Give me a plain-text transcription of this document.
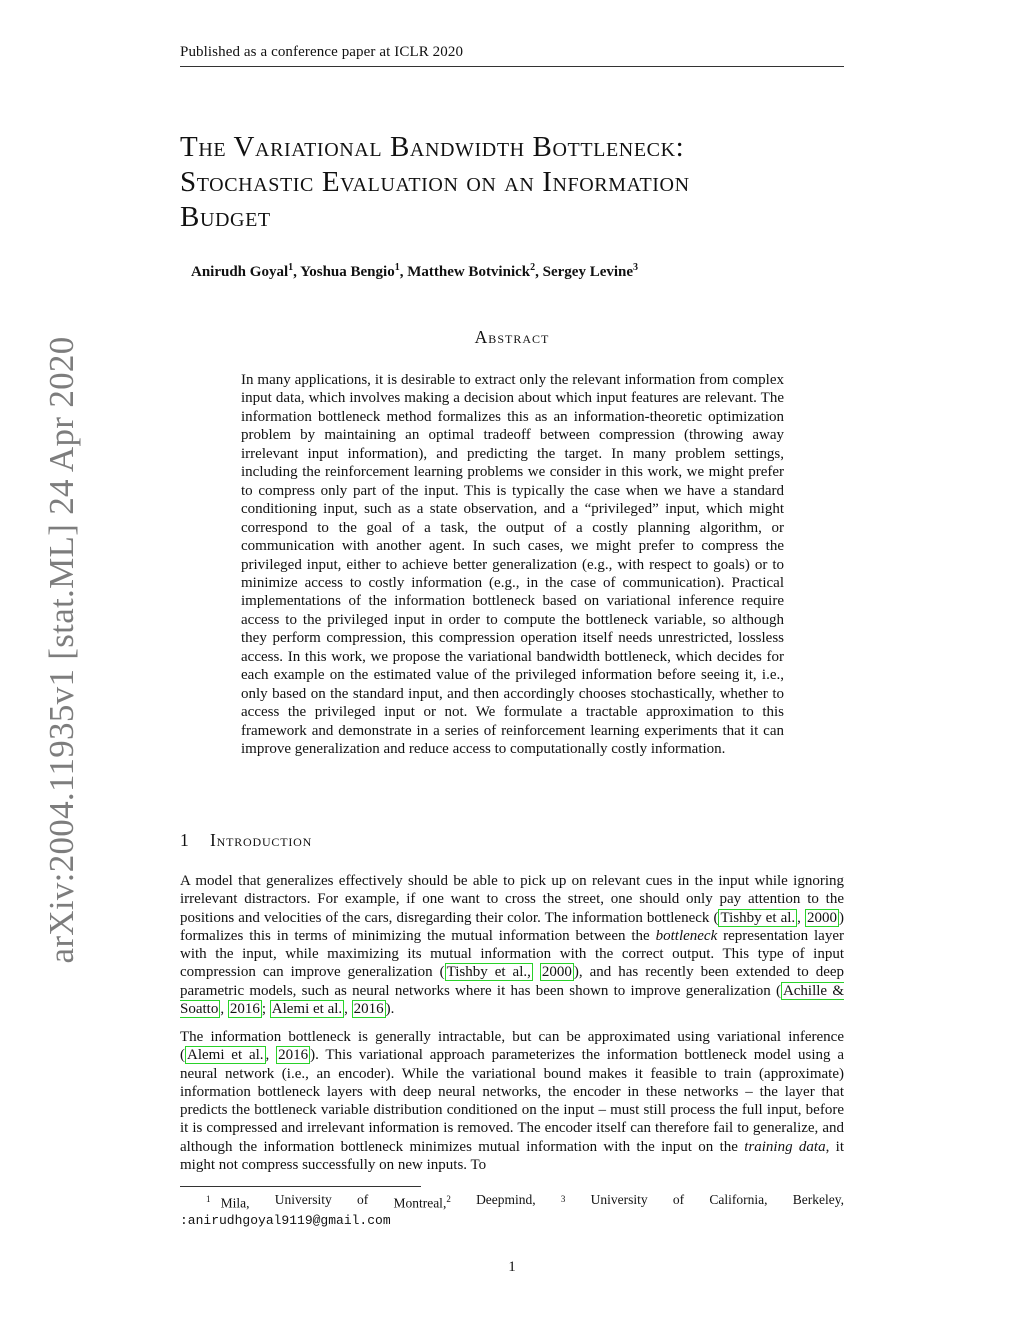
Published as a conference paper at ICLR 2020
arXiv:2004.11935v1 [stat.ML] 24 Apr 2020
The Variational Bandwidth Bottleneck:
Stochastic Evaluation on an Information
Budget
Anirudh Goyal$^1$, Yoshua Bengio$^1$, Matthew Botvinick$^2$, Sergey Levine$^3$
Abstract
In many applications, it is desirable to extract only the relevant information from complex input data, which involves making a decision about which input features are relevant. The information bottleneck method formalizes this as an information-theoretic optimization problem by maintaining an optimal tradeoff between compression (throwing away irrelevant input information), and predicting the target. In many problem settings, including the reinforcement learning problems we consider in this work, we might prefer to compress only part of the input. This is typically the case when we have a standard conditioning input, such as a state observation, and a “privileged” input, which might correspond to the goal of a task, the output of a costly planning algorithm, or communication with another agent. In such cases, we might prefer to compress the privileged input, either to achieve better generalization (e.g., with respect to goals) or to minimize access to costly information (e.g., in the case of communication). Practical implementations of the information bottleneck based on variational inference require access to the privileged input in order to compute the bottleneck variable, so although they perform compression, this compression operation itself needs unrestricted, lossless access. In this work, we propose the variational bandwidth bottleneck, which decides for each example on the estimated value of the privileged information before seeing it, i.e., only based on the standard input, and then accordingly chooses stochastically, whether to access the privileged input or not. We formulate a tractable approximation to this framework and demonstrate in a series of reinforcement learning experiments that it can improve generalization and reduce access to computationally costly information.
1 Introduction
A model that generalizes effectively should be able to pick up on relevant cues in the input while ignoring irrelevant distractors. For example, if one want to cross the street, one should only pay attention to the positions and velocities of the cars, disregarding their color. The information bottleneck ( Tishby et al. , 2000 ) formalizes this in terms of minimizing the mutual information between the bottleneck representation layer with the input, while maximizing its mutual information with the correct output. This type of input compression can improve generalization ( Tishby et al., 2000 ), and has recently been extended to deep parametric models, such as neural networks where it has been shown to improve generalization ( Achille & Soatto , 2016 ; Alemi et al. , 2016 ).
The information bottleneck is generally intractable, but can be approximated using variational inference ( Alemi et al. , 2016 ). This variational approach parameterizes the information bottleneck model using a neural network (i.e., an encoder). While the variational bound makes it feasible to train (approximate) information bottleneck layers with deep neural networks, the encoder in these networks – the layer that predicts the bottleneck variable distribution conditioned on the input – must still process the full input, before it is compressed and irrelevant information is removed. The encoder itself can therefore fail to generalize, and although the information bottleneck minimizes mutual information with the input on the training data, it might not compress successfully on new inputs. To
$^1$ Mila, University of Montreal,$^2$ Deepmind,	3 University of California, Berkeley,
:anirudhgoyal9119@gmail.com
1
